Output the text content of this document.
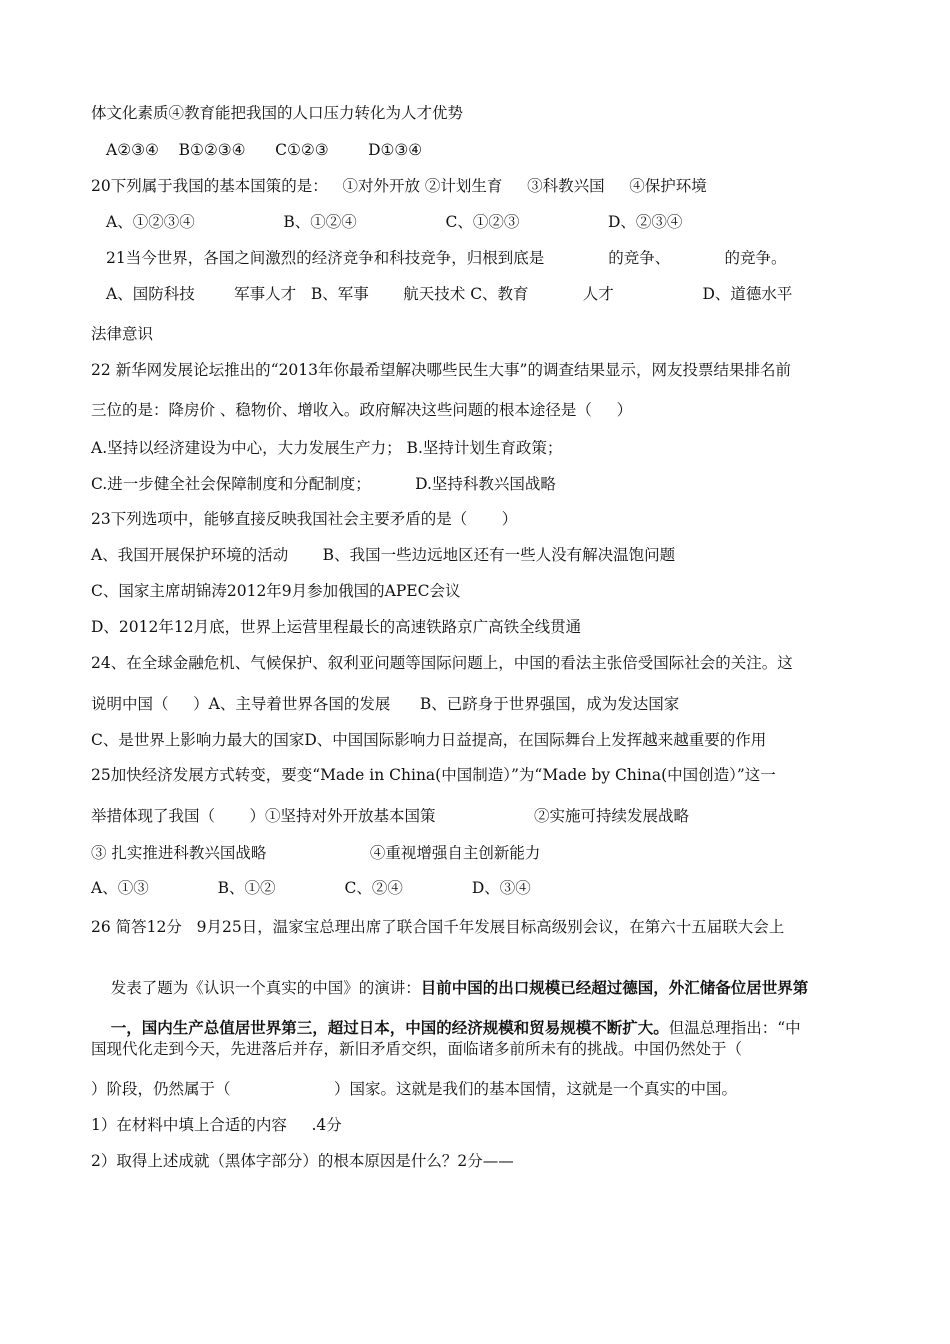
体文化素质④教育能把我国的人口压力转化为人才优势
A②③④    B①②③④      C①②③        D①③④
20下列属于我国的基本国策的是：   ①对外开放 ②计划生育     ③科教兴国     ④保护环境
A、①②③④                  B、①②④                  C、①②③                  D、②③④
21当今世界，各国之间激烈的经济竞争和科技竞争，归根到底是             的竞争、           的竞争。
A、国防科技        军事人才   B、军事       航天技术 C、教育           人才                  D、道德水平
法律意识
22 新华网发展论坛推出的“2013年你最希望解决哪些民生大事”的调查结果显示，网友投票结果排名前
三位的是：降房价 、稳物价、增收入。政府解决这些问题的根本途径是（     ）
A.坚持以经济建设为中心，大力发展生产力； B.坚持计划生育政策；
C.进一步健全社会保障制度和分配制度；         D.坚持科教兴国战略
23下列选项中，能够直接反映我国社会主要矛盾的是（       ）
A、我国开展保护环境的活动       B、我国一些边远地区还有一些人没有解决温饱问题
C、国家主席胡锦涛2012年9月参加俄国的APEC会议
D、2012年12月底，世界上运营里程最长的高速铁路京广高铁全线贯通
24、在全球金融危机、气候保护、叙利亚问题等国际问题上，中国的看法主张倍受国际社会的关注。这
说明中国（     ）A、主导着世界各国的发展      B、已跻身于世界强国，成为发达国家
C、是世界上影响力最大的国家D、中国国际影响力日益提高，在国际舞台上发挥越来越重要的作用
25加快经济发展方式转变，要变“Made in China(中国制造）”为“Made by China(中国创造）”这一
举措体现了我国（       ）①坚持对外开放基本国策                    ②实施可持续发展战略
③ 扎实推进科教兴国战略                     ④重视增强自主创新能力
A、①③              B、①②              C、②④              D、③④
26 简答12分   9月25日，温家宝总理出席了联合国千年发展目标高级别会议，在第六十五届联大会上

发表了题为《认识一个真实的中国》的演讲：目前中国的出口规模已经超过德国，外汇储备位居世界第

一，国内生产总值居世界第三，超过日本，中国的经济规模和贸易规模不断扩大。但温总理指出：“中

国现代化走到今天，先进落后并存，新旧矛盾交织，面临诸多前所未有的挑战。中国仍然处于（
）阶段，仍然属于（                     ）国家。这就是我们的基本国情，这就是一个真实的中国。
1）在材料中填上合适的内容     .4分
2）取得上述成就（黑体字部分）的根本原因是什么？2分——
